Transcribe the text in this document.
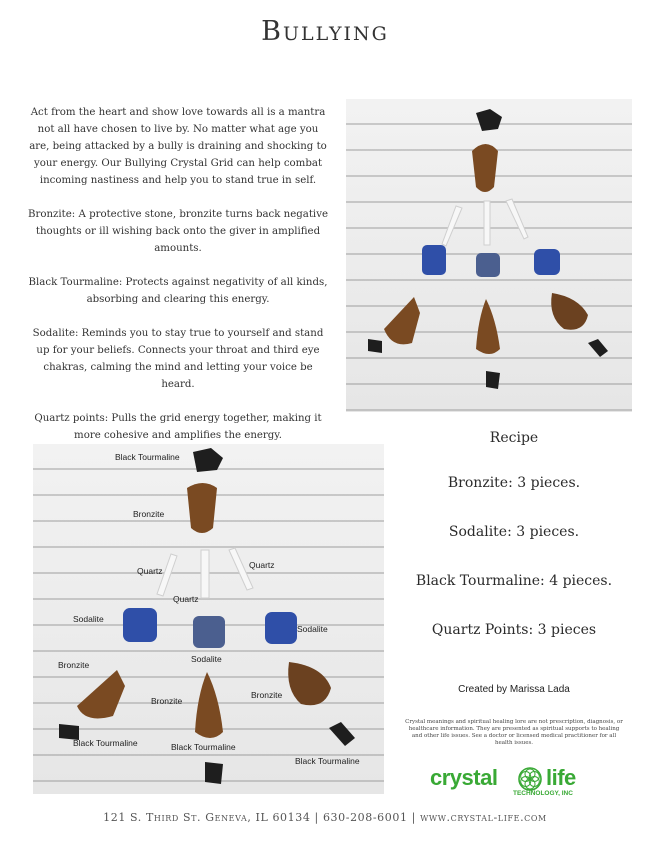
Bullying

Act from the heart and show love towards all is a mantra not all have chosen to live by. No matter what age you are, being attacked by a bully is draining and shocking to your energy. Our Bullying Crystal Grid can help combat incoming nastiness and help you to stand true in self.

Bronzite: A protective stone, bronzite turns back negative thoughts or ill wishing back onto the giver in amplified amounts.

Black Tourmaline: Protects against negativity of all kinds, absorbing and clearing this energy.

Sodalite: Reminds you to stay true to yourself and stand up for your beliefs. Connects your throat and third eye chakras, calming the mind and letting your voice be heard.

Quartz points: Pulls the grid energy together, making it more cohesive and amplifies the energy.

Black Tourmaline
Bronzite
Quartz
Quartz
Quartz
Sodalite
Sodalite
Sodalite
Bronzite
Bronzite
Bronzite
Black Tourmaline	Black Tourmaline
Black Tourmaline
Recipe
Bronzite: 3 pieces.
Sodalite: 3 pieces.
Black Tourmaline: 4 pieces.
Quartz Points: 3 pieces
Created by Marissa Lada
Crystal meanings and spiritual healing lore are not prescription, diagnosis, or healthcare information. They are presented as spiritual supports to healing and other life issues. See a doctor or licensed medical practitioner for all health issues.
crystal life
TECHNOLOGY, INC
121 S. Third St. Geneva, IL 60134 | 630-208-6001 | www.crystal-life.com
